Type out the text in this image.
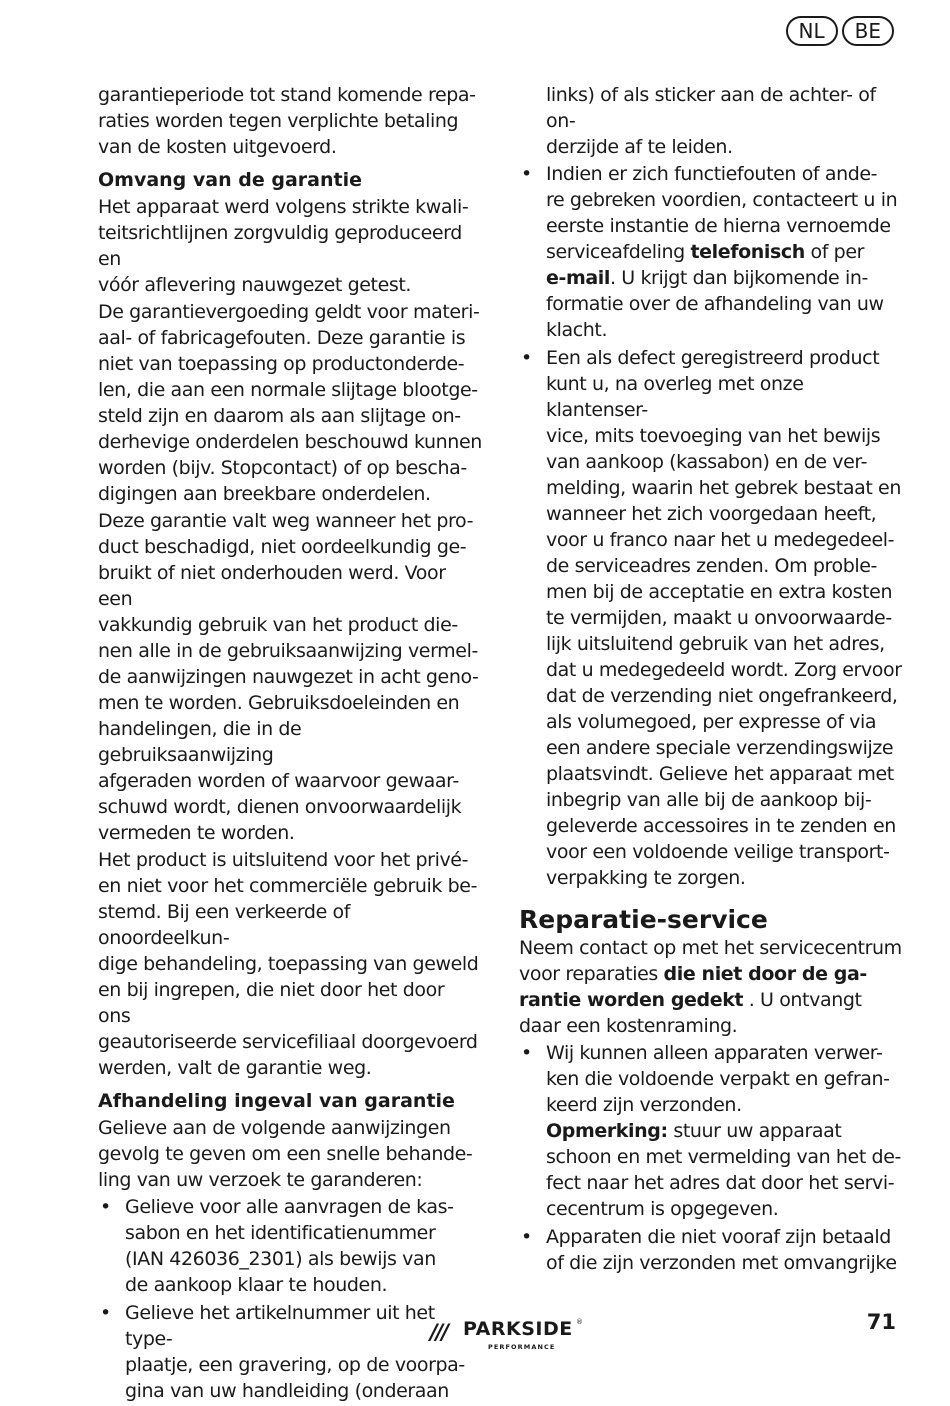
NL	BE

garantieperiode tot stand komende repa-
raties worden tegen verplichte betaling
van de kosten uitgevoerd.

Omvang van de garantie

Het apparaat werd volgens strikte kwali-
teitsrichtlijnen zorgvuldig geproduceerd en
vóór aflevering nauwgezet getest.

De garantievergoeding geldt voor materi-
aal- of fabricagefouten. Deze garantie is
niet van toepassing op productonderde-
len, die aan een normale slijtage blootge-
steld zijn en daarom als aan slijtage on-
derhevige onderdelen beschouwd kunnen
worden (bijv. Stopcontact) of op bescha-
digingen aan breekbare onderdelen.

Deze garantie valt weg wanneer het pro-
duct beschadigd, niet oordeelkundig ge-
bruikt of niet onderhouden werd. Voor een
vakkundig gebruik van het product die-
nen alle in de gebruiksaanwijzing vermel-
de aanwijzingen nauwgezet in acht geno-
men te worden. Gebruiksdoeleinden en
handelingen, die in de gebruiksaanwijzing
afgeraden worden of waarvoor gewaar-
schuwd wordt, dienen onvoorwaardelijk
vermeden te worden.

Het product is uitsluitend voor het privé-
en niet voor het commerciële gebruik be-
stemd. Bij een verkeerde of onoordeelkun-
dige behandeling, toepassing van geweld
en bij ingrepen, die niet door het door ons
geautoriseerde servicefiliaal doorgevoerd
werden, valt de garantie weg.

Afhandeling ingeval van garantie

Gelieve aan de volgende aanwijzingen
gevolg te geven om een snelle behande-
ling van uw verzoek te garanderen:

• Gelieve voor alle aanvragen de kas-
sabon en het identificatienummer
(IAN 426036_2301) als bewijs van
de aankoop klaar te houden.
• Gelieve het artikelnummer uit het type-
plaatje, een gravering, op de voorpa-
gina van uw handleiding (onderaan

links) of als sticker aan de achter- of on-
derzijde af te leiden.

• Indien er zich functiefouten of ande-
re gebreken voordien, contacteert u in
eerste instantie de hierna vernoemde
serviceafdeling telefonisch of per
e-mail. U krijgt dan bijkomende in-
formatie over de afhandeling van uw
klacht.
• Een als defect geregistreerd product
kunt u, na overleg met onze klantenser-
vice, mits toevoeging van het bewijs
van aankoop (kassabon) en de ver-
melding, waarin het gebrek bestaat en
wanneer het zich voorgedaan heeft,
voor u franco naar het u medegedeel-
de serviceadres zenden. Om proble-
men bij de acceptatie en extra kosten
te vermijden, maakt u onvoorwaarde-
lijk uitsluitend gebruik van het adres,
dat u medegedeeld wordt. Zorg ervoor
dat de verzending niet ongefrankeerd,
als volumegoed, per expresse of via
een andere speciale verzendingswijze
plaatsvindt. Gelieve het apparaat met
inbegrip van alle bij de aankoop bij-
geleverde accessoires in te zenden en
voor een voldoende veilige transport-
verpakking te zorgen.
Reparatie-service

Neem contact op met het servicecentrum
voor reparaties die niet door de ga-
rantie worden gedekt . U ontvangt
daar een kostenraming.

• Wij kunnen alleen apparaten verwer-
ken die voldoende verpakt en gefran-
keerd zijn verzonden.
Opmerking: stuur uw apparaat
schoon en met vermelding van het de-
fect naar het adres dat door het servi-
cecentrum is opgegeven.
• Apparaten die niet vooraf zijn betaald
of die zijn verzonden met omvangrijke
/// PARKSIDE ®
PERFORMANCE
71
